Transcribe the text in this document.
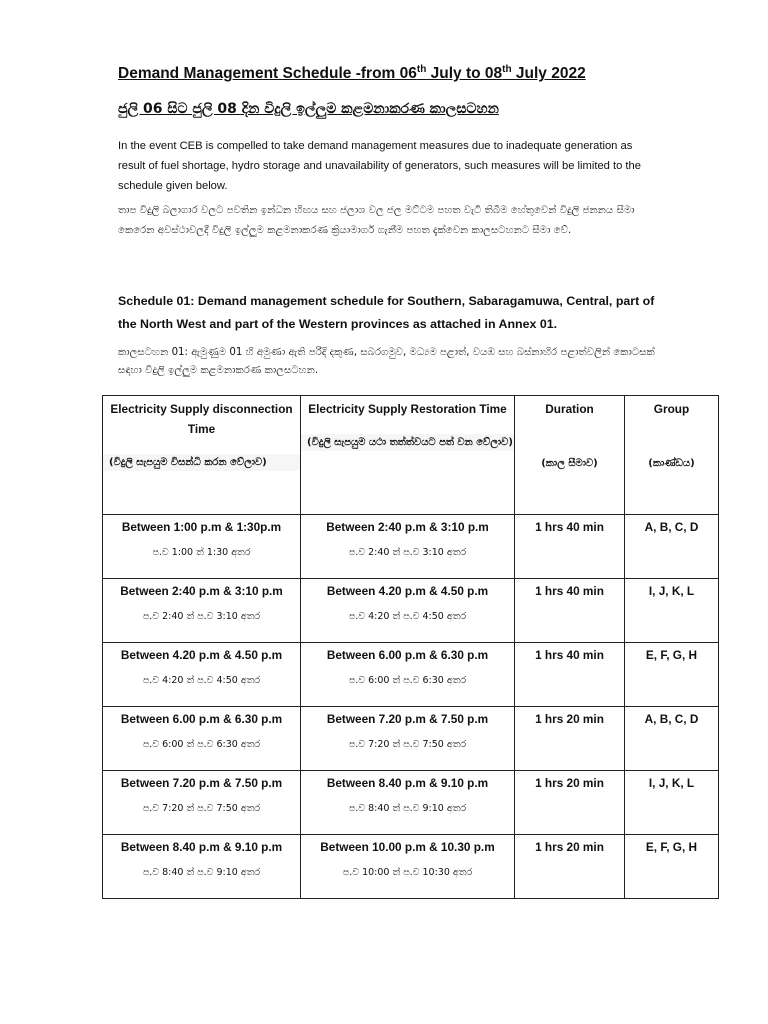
Demand Management Schedule -from 06th July to 08th July 2022
ජුලි 06 සිට ජුලි 08 දින විදුලි ඉල්ලුම කළමනාකරණ කාලසටහන
In the event CEB is compelled to take demand management measures due to inadequate generation as result of fuel shortage, hydro storage and unavailability of generators, such measures will be limited to the schedule given below.
තාප විදුලි බලාගාර වලට පවතින ඉන්ධන හිඟය සහ ජලාශ වල ජල මට්ටම පහත වැටී තිබීම හේතුවෙන් විදුලි ජනනය සීමා කෙරෙන අවස්ථාවලදී විදුලි ඉල්ලුම කළමනාකරණ ක්‍රියාමාර්ග ගැනීම පහත දැක්වෙන කාලසටහනට සීමා වේ.
Schedule 01: Demand management schedule for Southern, Sabaragamuwa, Central, part of the North West and part of the Western provinces as attached in Annex 01.
කාලසටහන 01: ඇමුණුම 01 හි අමුණා ඇති පරිදි දකුණ, සබරගමුව, මධ්‍යම පළාත්, වයඹ සහ බස්නාහිර පළාත්වලින් කොටසක් සඳහා විදුලි ඉල්ලුම කළමනාකරණ කාලසටහන.
Electricity Supply disconnection Time
(විදුලි සැපයුම විසන්ධි කරන වේලාව)	Electricity Supply Restoration Time
(විදුලි සැපයුම යථා තත්ත්වයට පත් වන වේලාව)	Duration
(කාල සීමාව)	Group
(කාණ්ඩය)

Between 1:00 p.m & 1:30p.m
ප.ව 1:00 ත් 1:30 අතර	Between 2:40 p.m & 3:10 p.m
ප.ව 2:40 ත් ප.ව 3:10 අතර	1 hrs 40 min	A, B, C, D

Between 2:40 p.m & 3:10 p.m
ප.ව 2:40 ත් ප.ව 3:10 අතර	Between 4.20 p.m & 4.50 p.m
ප.ව 4:20 ත් ප.ව 4:50 අතර	1 hrs 40 min	I, J, K, L

Between 4.20 p.m & 4.50 p.m
ප.ව 4:20 ත් ප.ව 4:50 අතර	Between 6.00 p.m & 6.30 p.m
ප.ව 6:00 ත් ප.ව 6:30 අතර	1 hrs 40 min	E, F, G, H

Between 6.00 p.m & 6.30 p.m
ප.ව 6:00 ත් ප.ව 6:30 අතර	Between 7.20 p.m & 7.50 p.m
ප.ව 7:20 ත් ප.ව 7:50 අතර	1 hrs 20 min	A, B, C, D

Between 7.20 p.m & 7.50 p.m
ප.ව 7:20 ත් ප.ව 7:50 අතර	Between 8.40 p.m & 9.10 p.m
ප.ව 8:40 ත් ප.ව 9:10 අතර	1 hrs 20 min	I, J, K, L

Between 8.40 p.m & 9.10 p.m
ප.ව 8:40 ත් ප.ව 9:10 අතර	Between 10.00 p.m & 10.30 p.m
ප.ව 10:00 ත් ප.ව 10:30 අතර	1 hrs 20 min	E, F, G, H
